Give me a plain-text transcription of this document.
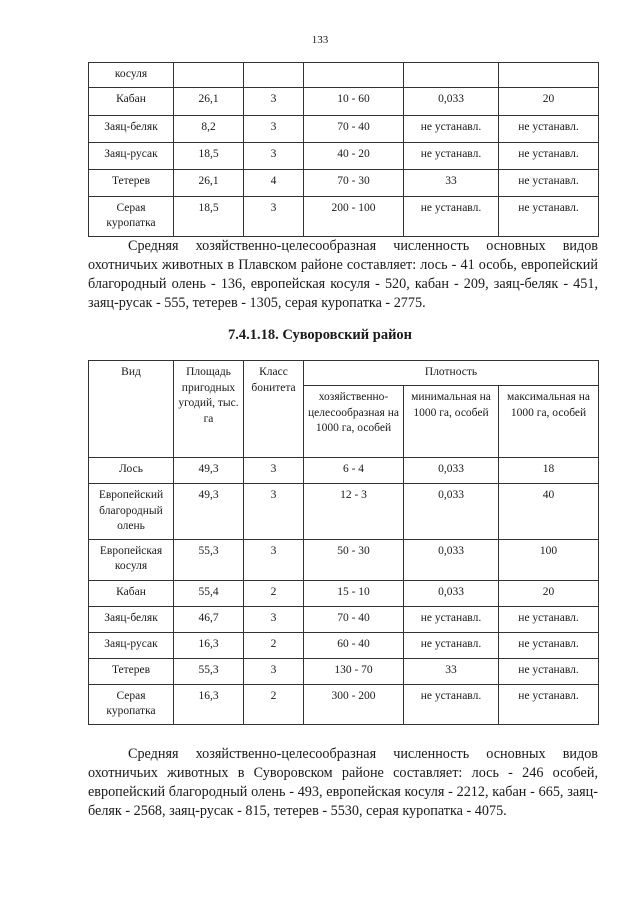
133
косуля					
Кабан	26,1	3	10 - 60	0,033	20
Заяц-беляк	8,2	3	70 - 40	не устанавл.	не устанавл.
Заяц-русак	18,5	3	40 - 20	не устанавл.	не устанавл.
Тетерев	26,1	4	70 - 30	33	не устанавл.
Серая куропатка	18,5	3	200 - 100	не устанавл.	не устанавл.

Средняя хозяйственно-целесообразная численность основных видов охотничьих животных в Плавском районе составляет: лось - 41 особь, европейский благородный олень - 136, европейская косуля - 520, кабан - 209, заяц-беляк - 451, заяц-русак - 555, тетерев - 1305, серая куропатка - 2775.

7.4.1.18. Суворовский район
Вид	Площадь пригодных угодий, тыс. га	Класс бонитета	Плотность		
			хозяйственно-целесообразная на 1000 га, особей	минимальная на 1000 га, особей	максимальная на 1000 га, особей
Лось	49,3	3	6 - 4	0,033	18
Европейский благородный олень	49,3	3	12 - 3	0,033	40
Европейская косуля	55,3	3	50 - 30	0,033	100
Кабан	55,4	2	15 - 10	0,033	20
Заяц-беляк	46,7	3	70 - 40	не устанавл.	не устанавл.
Заяц-русак	16,3	2	60 - 40	не устанавл.	не устанавл.
Тетерев	55,3	3	130 - 70	33	не устанавл.
Серая куропатка	16,3	2	300 - 200	не устанавл.	не устанавл.

Средняя хозяйственно-целесообразная численность основных видов охотничьих животных в Суворовском районе составляет: лось - 246 особей, европейский благородный олень - 493, европейская косуля - 2212, кабан - 665, заяц-беляк - 2568, заяц-русак - 815, тетерев - 5530, серая куропатка - 4075.
